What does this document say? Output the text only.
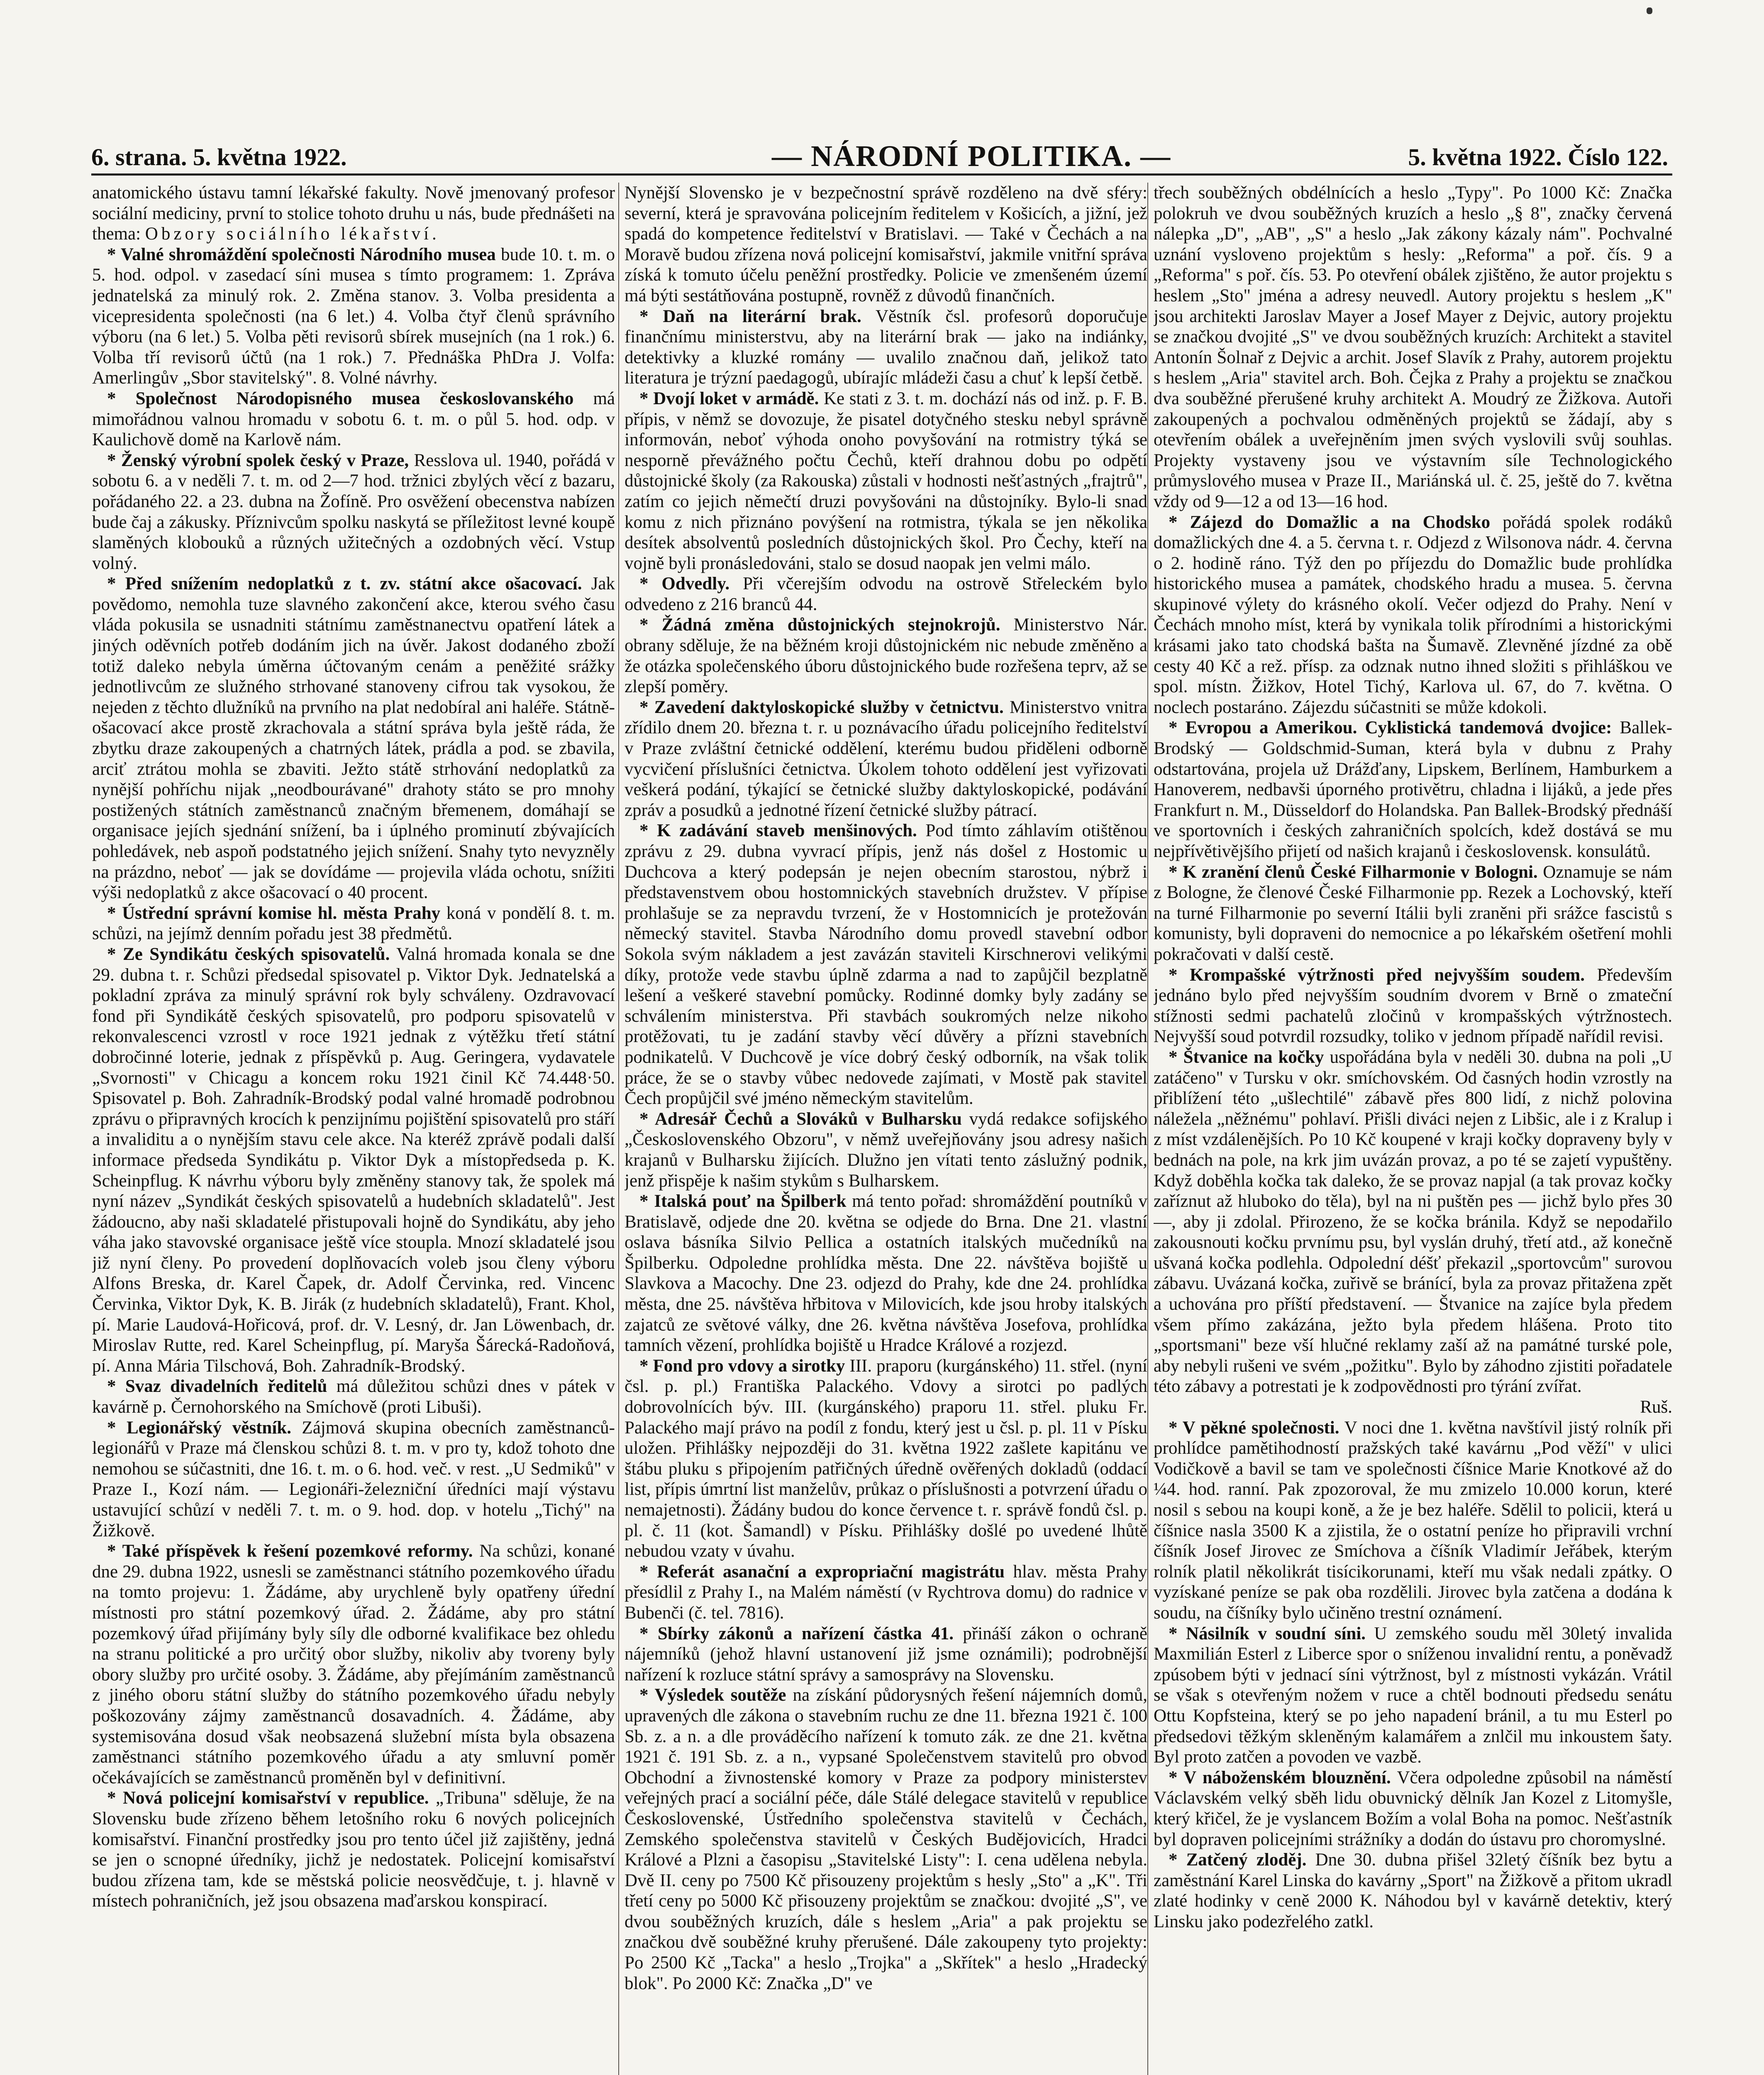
6. strana. 5. května 1922.	— NÁRODNÍ POLITIKA. —	5. května 1922. Číslo 122.

anatomického ústavu tamní lékařské fakulty. Nově jmenovaný profesor sociální mediciny, první to stolice tohoto druhu u nás, bude přednášeti na thema: Obzory sociálního lékařství.

* Valné shromáždění společnosti Národního musea bude 10. t. m. o 5. hod. odpol. v zasedací síni musea s tímto programem: 1. Zpráva jednatelská za minulý rok. 2. Změna stanov. 3. Volba presidenta a vicepresidenta společnosti (na 6 let.) 4. Volba čtyř členů správního výboru (na 6 let.) 5. Volba pěti revisorů sbírek musejních (na 1 rok.) 6. Volba tří revisorů účtů (na 1 rok.) 7. Přednáška PhDra J. Volfa: Amerlingův „Sbor stavitelský". 8. Volné návrhy.

* Společnost Národopisného musea českoslovanského má mimořádnou valnou hromadu v sobotu 6. t. m. o půl 5. hod. odp. v Kaulichově domě na Karlově nám.

* Ženský výrobní spolek český v Praze, Resslova ul. 1940, pořádá v sobotu 6. a v neděli 7. t. m. od 2—7 hod. tržnici zbylých věcí z bazaru, pořádaného 22. a 23. dubna na Žofíně. Pro osvěžení obecenstva nabízen bude čaj a zákusky. Příznivcům spolku naskytá se příležitost levné koupě slaměných klobouků a různých užitečných a ozdobných věcí. Vstup volný.

* Před snížením nedoplatků z t. zv. státní akce ošacovací. Jak povědomo, nemohla tuze slavného zakončení akce, kterou svého času vláda pokusila se usnadniti státnímu zaměstnanectvu opatření látek a jiných oděvních potřeb dodáním jich na úvěr. Jakost dodaného zboží totiž daleko nebyla úměrna účtovaným cenám a peněžité srážky jednotlivcům ze služného strhované stanoveny cifrou tak vysokou, že nejeden z těchto dlužníků na prvního na plat nedobíral ani haléře. Státně-ošacovací akce prostě zkrachovala a státní správa byla ještě ráda, že zbytku draze zakoupených a chatrných látek, prádla a pod. se zbavila, arciť ztrátou mohla se zbaviti. Ježto státě strhování nedoplatků za nynější pohříchu nijak „neodbourávané" drahoty státo se pro mnohy postižených státních zaměstnanců značným břemenem, domáhají se organisace jejích sjednání snížení, ba i úplného prominutí zbývajících pohledávek, neb aspoň podstatného jejich snížení. Snahy tyto nevyzněly na prázdno, neboť — jak se dovídáme — projevila vláda ochotu, snížiti výši nedoplatků z akce ošacovací o 40 procent.

* Ústřední správní komise hl. města Prahy koná v pondělí 8. t. m. schůzi, na jejímž denním pořadu jest 38 předmětů.

* Ze Syndikátu českých spisovatelů. Valná hromada konala se dne 29. dubna t. r. Schůzi předsedal spisovatel p. Viktor Dyk. Jednatelská a pokladní zpráva za minulý správní rok byly schváleny. Ozdravovací fond při Syndikátě českých spisovatelů, pro podporu spisovatelů v rekonvalescenci vzrostl v roce 1921 jednak z výtěžku třetí státní dobročinné loterie, jednak z příspěvků p. Aug. Geringera, vydavatele „Svornosti" v Chicagu a koncem roku 1921 činil Kč 74.448·50. Spisovatel p. Boh. Zahradník-Brodský podal valné hromadě podrobnou zprávu o připravných krocích k penzijnímu pojištění spisovatelů pro stáří a invaliditu a o nynějším stavu cele akce. Na kteréž zprávě podali další informace předseda Syndikátu p. Viktor Dyk a místopředseda p. K. Scheinpflug. K návrhu výboru byly změněny stanovy tak, že spolek má nyní název „Syndikát českých spisovatelů a hudebních skladatelů". Jest žádoucno, aby naši skladatelé přistupovali hojně do Syndikátu, aby jeho váha jako stavovské organisace ještě více stoupla. Mnozí skladatelé jsou již nyní členy. Po provedení doplňovacích voleb jsou členy výboru Alfons Breska, dr. Karel Čapek, dr. Adolf Červinka, red. Vincenc Červinka, Viktor Dyk, K. B. Jirák (z hudebních skladatelů), Frant. Khol, pí. Marie Laudová-Hořicová, prof. dr. V. Lesný, dr. Jan Löwenbach, dr. Miroslav Rutte, red. Karel Scheinpflug, pí. Maryša Šárecká-Radoňová, pí. Anna Mária Tilschová, Boh. Zahradník-Brodský.

* Svaz divadelních ředitelů má důležitou schůzi dnes v pátek v kavárně p. Černohorského na Smíchově (proti Libuši).

* Legionářský věstník. Zájmová skupina obecních zaměstnanců-legionářů v Praze má členskou schůzi 8. t. m. v pro ty, kdož tohoto dne nemohou se súčastniti, dne 16. t. m. o 6. hod. več. v rest. „U Sedmiků" v Praze I., Kozí nám. — Legionáři-železniční úředníci mají výstavu ustavující schůzí v neděli 7. t. m. o 9. hod. dop. v hotelu „Tichý" na Žižkově.

* Také příspěvek k řešení pozemkové reformy. Na schůzi, konané dne 29. dubna 1922, usnesli se zaměstnanci státního pozemkového úřadu na tomto projevu: 1. Žádáme, aby urychleně byly opatřeny úřední místnosti pro státní pozemkový úřad. 2. Žádáme, aby pro státní pozemkový úřad přijímány byly síly dle odborné kvalifikace bez ohledu na stranu politické a pro určitý obor služby, nikoliv aby tvoreny byly obory služby pro určité osoby. 3. Žádáme, aby přejímáním zaměstnanců z jiného oboru státní služby do státního pozemkového úřadu nebyly poškozovány zájmy zaměstnanců dosavadních. 4. Žádáme, aby systemisována dosud však neobsazená služební místa byla obsazena zaměstnanci státního pozemkového úřadu a aty smluvní poměr očekávajících se zaměstnanců proměněn byl v definitivní.

* Nová policejní komisařství v republice. „Tribuna" sděluje, že na Slovensku bude zřízeno během letošního roku 6 nových policejních komisařství. Finanční prostředky jsou pro tento účel již zajištěny, jedná se jen o scnopné úředníky, jichž je nedostatek. Policejní komisařství budou zřízena tam, kde se městská policie neosvědčuje, t. j. hlavně v místech pohraničních, jež jsou obsazena maďarskou konspirací.

Nynější Slovensko je v bezpečnostní správě rozděleno na dvě sféry: severní, která je spravována policejním ředitelem v Košicích, a jižní, jež spadá do kompetence ředitelství v Bratislavi. — Také v Čechách a na Moravě budou zřízena nová policejní komisařství, jakmile vnitřní správa získá k tomuto účelu peněžní prostředky. Policie ve zmenšeném území má býti sestátňována postupně, rovněž z důvodů finančních.

* Daň na literární brak. Věstník čsl. profesorů doporučuje finančnímu ministerstvu, aby na literární brak — jako na indiánky, detektivky a kluzké romány — uvalilo značnou daň, jelikož tato literatura je trýzní paedagogů, ubírajíc mládeži času a chuť k lepší četbě.

* Dvojí loket v armádě. Ke stati z 3. t. m. dochází nás od inž. p. F. B. přípis, v němž se dovozuje, že pisatel dotyčného stesku nebyl správně informován, neboť výhoda onoho povyšování na rotmistry týká se nesporně převážného počtu Čechů, kteří drahnou dobu po odpětí důstojnické školy (za Rakouska) zůstali v hodnosti nešťastných „frajtrů", zatím co jejich němečtí druzi povyšováni na důstojníky. Bylo-li snad komu z nich přiznáno povýšení na rotmistra, týkala se jen několika desítek absolventů posledních důstojnických škol. Pro Čechy, kteří na vojně byli pronásledováni, stalo se dosud naopak jen velmi málo.

* Odvedly. Při včerejším odvodu na ostrově Střeleckém bylo odvedeno z 216 branců 44.

* Žádná změna důstojnických stejnokrojů. Ministerstvo Nár. obrany sděluje, že na běžném kroji důstojnickém nic nebude změněno a že otázka společenského úboru důstojnického bude rozřešena teprv, až se zlepší poměry.

* Zavedení daktyloskopické služby v četnictvu. Ministerstvo vnitra zřídilo dnem 20. března t. r. u poznávacího úřadu policejního ředitelství v Praze zvláštní četnické oddělení, kterému budou přiděleni odborně vycvičení příslušníci četnictva. Úkolem tohoto oddělení jest vyřizovati veškerá podání, týkající se četnické služby daktyloskopické, podávání zpráv a posudků a jednotné řízení četnické služby pátrací.

* K zadávání staveb menšinových. Pod tímto záhlavím otištěnou zprávu z 29. dubna vyvrací přípis, jenž nás došel z Hostomic u Duchcova a který podepsán je nejen obecním starostou, nýbrž i představenstvem obou hostomnických stavebních družstev. V přípise prohlašuje se za nepravdu tvrzení, že v Hostomnicích je protežován německý stavitel. Stavba Národního domu provedl stavební odbor Sokola svým nákladem a jest zavázán staviteli Kirschnerovi velikými díky, protože vede stavbu úplně zdarma a nad to zapůjčil bezplatně lešení a veškeré stavební pomůcky. Rodinné domky byly zadány se schválením ministerstva. Při stavbách soukromých nelze nikoho protěžovati, tu je zadání stavby věcí důvěry a přízni stavebních podnikatelů. V Duchcově je více dobrý český odborník, na však tolik práce, že se o stavby vůbec nedovede zajímati, v Mostě pak stavitel Čech propůjčil své jméno německým stavitelům.

* Adresář Čechů a Slováků v Bulharsku vydá redakce sofijského „Československého Obzoru", v němž uveřejňovány jsou adresy našich krajanů v Bulharsku žijících. Dlužno jen vítati tento záslužný podnik, jenž přispěje k našim stykům s Bulharskem.

* Italská pouť na Špilberk má tento pořad: shromáždění poutníků v Bratislavě, odjede dne 20. května se odjede do Brna. Dne 21. vlastní oslava básníka Silvio Pellica a ostatních italských mučedníků na Špilberku. Odpoledne prohlídka města. Dne 22. návštěva bojiště u Slavkova a Macochy. Dne 23. odjezd do Prahy, kde dne 24. prohlídka města, dne 25. návštěva hřbitova v Milovicích, kde jsou hroby italských zajatců ze světové války, dne 26. května návštěva Josefova, prohlídka tamních vězení, prohlídka bojiště u Hradce Králové a rozjezd.

* Fond pro vdovy a sirotky III. praporu (kurgánského) 11. střel. (nyní čsl. p. pl.) Františka Palackého. Vdovy a sirotci po padlých dobrovolnících býv. III. (kurgánského) praporu 11. střel. pluku Fr. Palackého mají právo na podíl z fondu, který jest u čsl. p. pl. 11 v Písku uložen. Přihlášky nejpozději do 31. května 1922 zašlete kapitánu ve štábu pluku s připojením patřičných úředně ověřených dokladů (oddací list, přípis úmrtní list manželův, průkaz o příslušnosti a potvrzení úřadu o nemajetnosti). Žádány budou do konce července t. r. správě fondů čsl. p. pl. č. 11 (kot. Šamandl) v Písku. Přihlášky došlé po uvedené lhůtě nebudou vzaty v úvahu.

* Referát asanační a expropriační magistrátu hlav. města Prahy přesídlil z Prahy I., na Malém náměstí (v Rychtrova domu) do radnice v Bubenči (č. tel. 7816).

* Sbírky zákonů a nařízení částka 41. přináší zákon o ochraně nájemníků (jehož hlavní ustanovení již jsme oznámili); podrobnější nařízení k rozluce státní správy a samosprávy na Slovensku.

* Výsledek soutěže na získání půdorysných řešení nájemních domů, upravených dle zákona o stavebním ruchu ze dne 11. března 1921 č. 100 Sb. z. a n. a dle prováděcího nařízení k tomuto zák. ze dne 21. května 1921 č. 191 Sb. z. a n., vypsané Společenstvem stavitelů pro obvod Obchodní a živnostenské komory v Praze za podpory ministerstev veřejných prací a sociální péče, dále Stálé delegace stavitelů v republice Československé, Ústředního společenstva stavitelů v Čechách, Zemského společenstva stavitelů v Českých Budějovicích, Hradci Králové a Plzni a časopisu „Stavitelské Listy": I. cena udělena nebyla. Dvě II. ceny po 7500 Kč přisouzeny projektům s hesly „Sto" a „K". Tři třetí ceny po 5000 Kč přisouzeny projektům se značkou: dvojité „S", ve dvou souběžných kruzích, dále s heslem „Aria" a pak projektu se značkou dvě souběžné kruhy přerušené. Dále zakoupeny tyto projekty: Po 2500 Kč „Tacka" a heslo „Trojka" a „Skřítek" a heslo „Hradecký blok". Po 2000 Kč: Značka „D" ve

třech souběžných obdélnících a heslo „Typy". Po 1000 Kč: Značka polokruh ve dvou souběžných kruzích a heslo „§ 8", značky červená nálepka „D", „AB", „S" a heslo „Jak zákony kázaly nám". Pochvalné uznání vysloveno projektům s hesly: „Reforma" a poř. čís. 9 a „Reforma" s poř. čís. 53. Po otevření obálek zjištěno, že autor projektu s heslem „Sto" jména a adresy neuvedl. Autory projektu s heslem „K" jsou architekti Jaroslav Mayer a Josef Mayer z Dejvic, autory projektu se značkou dvojité „S" ve dvou souběžných kruzích: Architekt a stavitel Antonín Šolnař z Dejvic a archit. Josef Slavík z Prahy, autorem projektu s heslem „Aria" stavitel arch. Boh. Čejka z Prahy a projektu se značkou dva souběžné přerušené kruhy architekt A. Moudrý ze Žižkova. Autoři zakoupených a pochvalou odměněných projektů se žádají, aby s otevřením obálek a uveřejněním jmen svých vyslovili svůj souhlas. Projekty vystaveny jsou ve výstavním síle Technologického průmyslového musea v Praze II., Mariánská ul. č. 25, ještě do 7. května vždy od 9—12 a od 13—16 hod.

* Zájezd do Domažlic a na Chodsko pořádá spolek rodáků domažlických dne 4. a 5. června t. r. Odjezd z Wilsonova nádr. 4. června o 2. hodině ráno. Týž den po příjezdu do Domažlic bude prohlídka historického musea a památek, chodského hradu a musea. 5. června skupinové výlety do krásného okolí. Večer odjezd do Prahy. Není v Čechách mnoho míst, která by vynikala tolik přírodními a historickými krásami jako tato chodská bašta na Šumavě. Zlevněné jízdné za obě cesty 40 Kč a rež. přísp. za odznak nutno ihned složiti s přihláškou ve spol. místn. Žižkov, Hotel Tichý, Karlova ul. 67, do 7. května. O noclech postaráno. Zájezdu súčastniti se může kdokoli.

* Evropou a Amerikou. Cyklistická tandemová dvojice: Ballek-Brodský — Goldschmid-Suman, která byla v dubnu z Prahy odstartována, projela už Drážďany, Lipskem, Berlínem, Hamburkem a Hanoverem, nedbavši úporného protivětru, chladna i lijáků, a jede přes Frankfurt n. M., Düsseldorf do Holandska. Pan Ballek-Brodský přednáší ve sportovních i českých zahraničních spolcích, kdež dostává se mu nejpřívětivějšího přijetí od našich krajanů i československ. konsulátů.

* K zranění členů České Filharmonie v Bologni. Oznamuje se nám z Bologne, že členové České Filharmonie pp. Rezek a Lochovský, kteří na turné Filharmonie po severní Itálii byli zraněni při srážce fascistů s komunisty, byli dopraveni do nemocnice a po lékařském ošetření mohli pokračovati v další cestě.

* Krompašské výtržnosti před nejvyšším soudem. Především jednáno bylo před nejvyšším soudním dvorem v Brně o zmateční stížnosti sedmi pachatelů zločinů v krompašských výtržnostech. Nejvyšší soud potvrdil rozsudky, toliko v jednom případě nařídil revisi.

* Štvanice na kočky uspořádána byla v neděli 30. dubna na poli „U zatáčeno" v Tursku v okr. smíchovském. Od časných hodin vzrostly na přiblížení této „ušlechtilé" zábavě přes 800 lidí, z nichž polovina náležela „něžnému" pohlaví. Přišli diváci nejen z Libšic, ale i z Kralup i z míst vzdálenějších. Po 10 Kč koupené v kraji kočky dopraveny byly v bednách na pole, na krk jim uvázán provaz, a po té se zajetí vypuštěny. Když doběhla kočka tak daleko, že se provaz napjal (a tak provaz kočky zaříznut až hluboko do těla), byl na ni puštěn pes — jichž bylo přes 30 —, aby ji zdolal. Přirozeno, že se kočka bránila. Když se nepodařilo zakousnouti kočku prvnímu psu, byl vyslán druhý, třetí atd., až konečně ušvaná kočka podlehla. Odpolední déšť překazil „sportovcům" surovou zábavu. Uvázaná kočka, zuřivě se bránící, byla za provaz přitažena zpět a uchována pro příští představení. — Štvanice na zajíce byla předem všem přímo zakázána, ježto byla předem hlášena. Proto tito „sportsmani" beze vší hlučné reklamy zaší až na památné turské pole, aby nebyli rušeni ve svém „požitku". Bylo by záhodno zjistiti pořadatele této zábavy a potrestati je k zodpovědnosti pro týrání zvířat.

Ruš.

* V pěkné společnosti. V noci dne 1. května navštívil jistý rolník při prohlídce pamětihodností pražských také kavárnu „Pod věží" v ulici Vodičkově a bavil se tam ve společnosti číšnice Marie Knotkové až do ¼4. hod. ranní. Pak zpozoroval, že mu zmizelo 10.000 korun, které nosil s sebou na koupi koně, a že je bez haléře. Sdělil to policii, která u číšnice nasla 3500 K a zjistila, že o ostatní peníze ho připravili vrchní číšník Josef Jirovec ze Smíchova a číšník Vladimír Jeřábek, kterým rolník platil několikrát tisícikorunami, kteří mu však nedali zpátky. O vyzískané peníze se pak oba rozdělili. Jirovec byla zatčena a dodána k soudu, na číšníky bylo učiněno trestní oznámení.

* Násilník v soudní síni. U zemského soudu měl 30letý invalida Maxmilián Esterl z Liberce spor o sníženou invalidní rentu, a poněvadž zpúsobem býti v jednací síni výtržnost, byl z místnosti vykázán. Vrátil se však s otevřeným nožem v ruce a chtěl bodnouti předsedu senátu Ottu Kopfsteina, který se po jeho napadení bránil, a tu mu Esterl po předsedovi těžkým skleněným kalamářem a znlčil mu inkoustem šaty. Byl proto zatčen a povoden ve vazbě.

* V náboženském blouznění. Včera odpoledne způsobil na náměstí Václavském velký sběh lidu obuvnický dělník Jan Kozel z Litomyšle, který křičel, že je vyslancem Božím a volal Boha na pomoc. Nešťastník byl dopraven policejními strážníky a dodán do ústavu pro choromyslné.

* Zatčený zloděj. Dne 30. dubna přišel 32letý číšník bez bytu a zaměstnání Karel Linska do kavárny „Sport" na Žižkově a přitom ukradl zlaté hodinky v ceně 2000 K. Náhodou byl v kavárně detektiv, který Linsku jako podezřelého zatkl.
